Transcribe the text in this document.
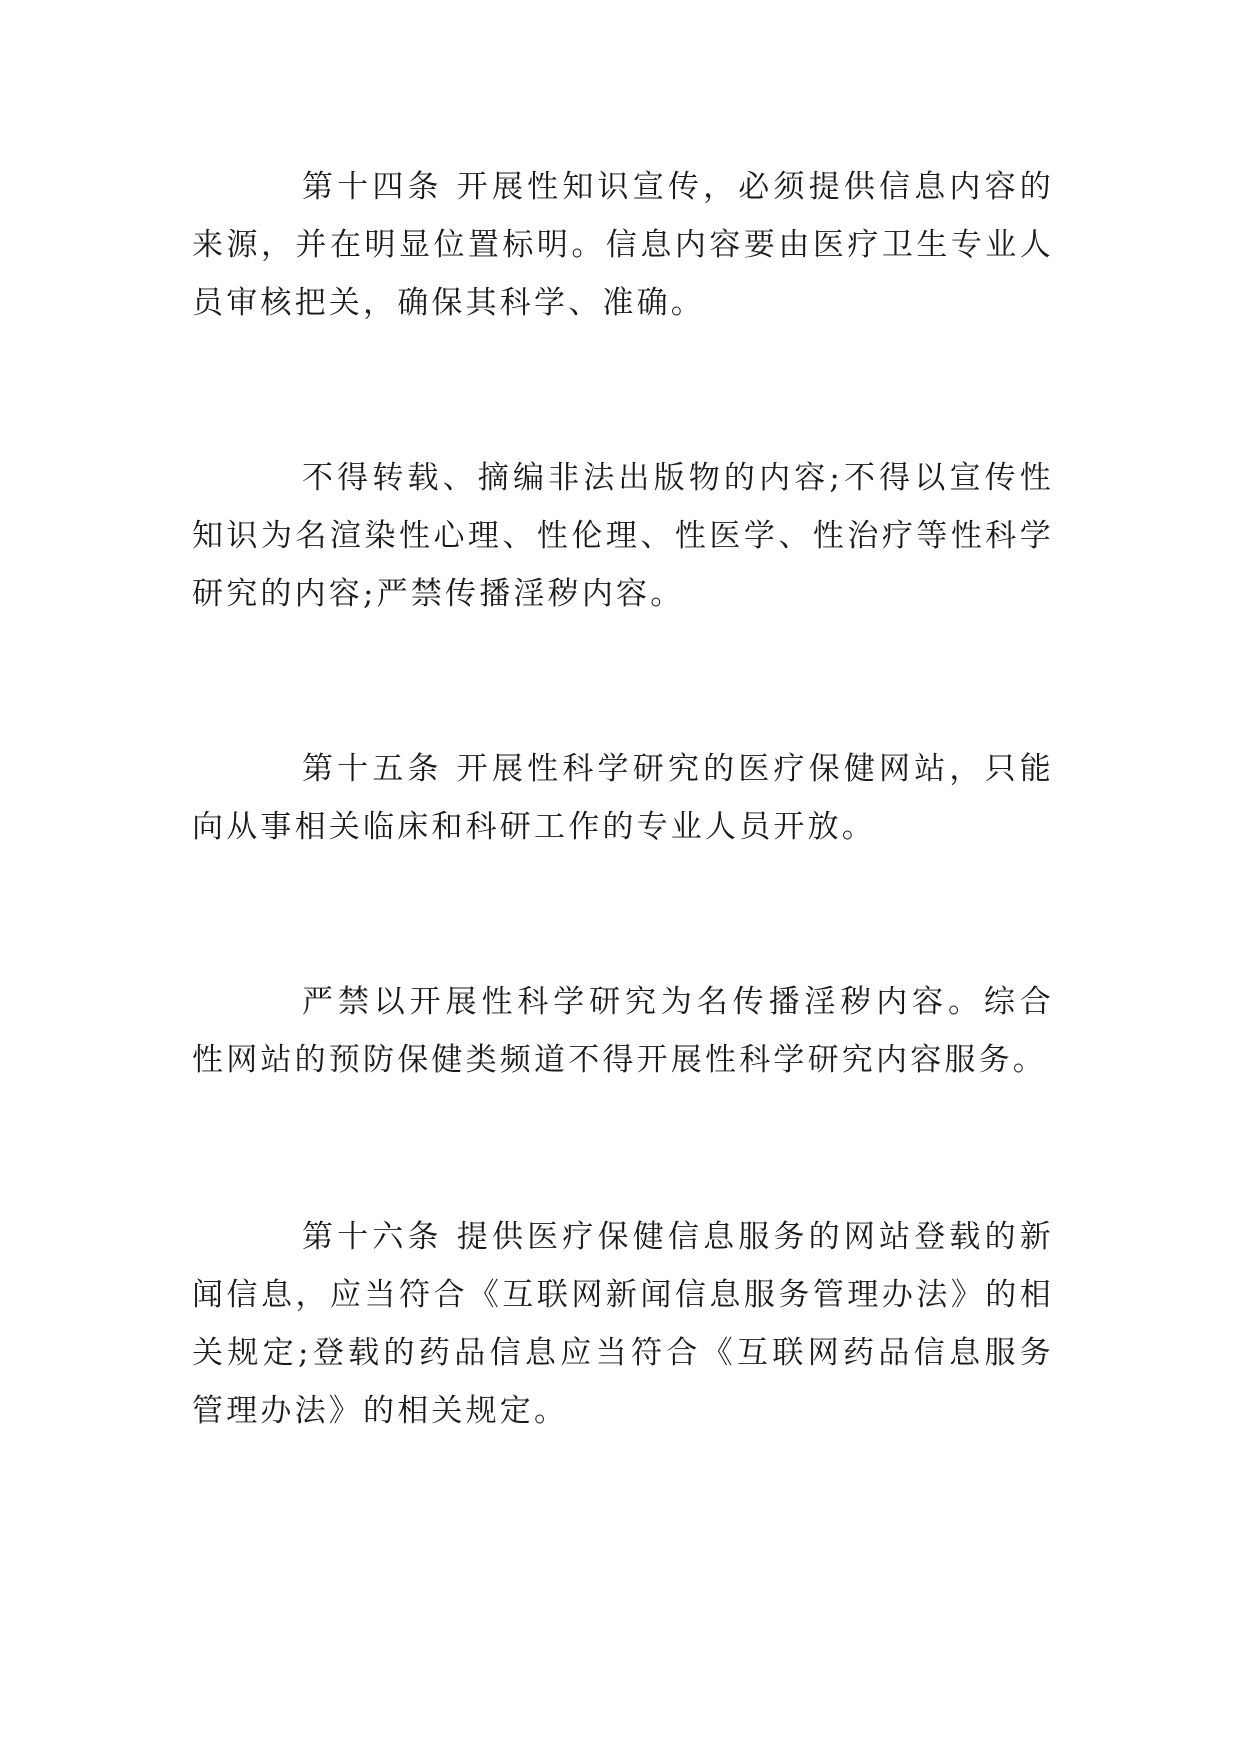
第十四条 开展性知识宣传，必须提供信息内容的来源，并在明显位置标明。信息内容要由医疗卫生专业人员审核把关，确保其科学、准确。

不得转载、摘编非法出版物的内容;不得以宣传性知识为名渲染性心理、性伦理、性医学、性治疗等性科学研究的内容;严禁传播淫秽内容。

第十五条 开展性科学研究的医疗保健网站，只能向从事相关临床和科研工作的专业人员开放。

严禁以开展性科学研究为名传播淫秽内容。综合性网站的预防保健类频道不得开展性科学研究内容服务。

第十六条 提供医疗保健信息服务的网站登载的新闻信息，应当符合《互联网新闻信息服务管理办法》的相关规定;登载的药品信息应当符合《互联网药品信息服务管理办法》的相关规定。
